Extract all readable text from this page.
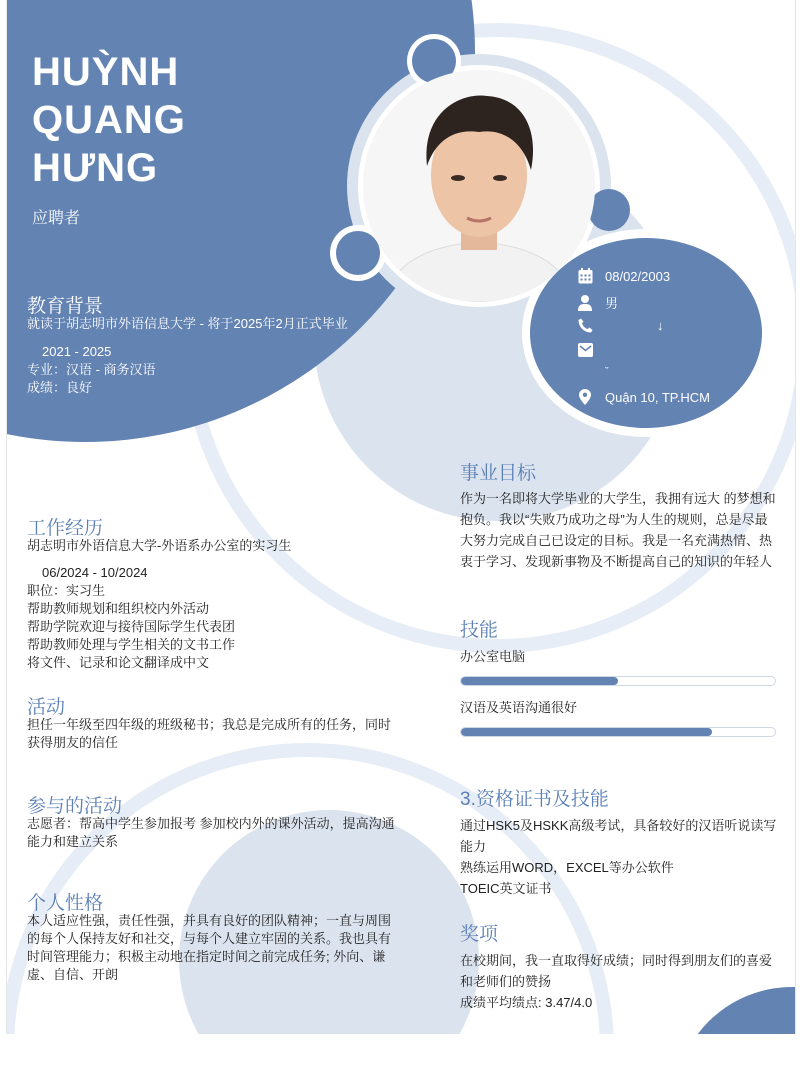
HUỲNH
QUANG
HƯNG
应聘者
教育背景
就读于胡志明市外语信息大学 - 将于2025年2月正式毕业
2021 - 2025
专业：汉语 - 商务汉语
成绩：良好
08/02/2003
男
↓
ˇ
Quận 10, TP.HCM
事业目标
作为一名即将大学毕业的大学生，我拥有远大 的梦想和抱负。我以“失败乃成功之母”为人生的规则，总是尽最大努力完成自己已设定的目标。我是一名充满热情、热衷于学习、发现新事物及不断提高自己的知识的年轻人
技能
办公室电脑
汉语及英语沟通很好
3.资格证书及技能
通过HSK5及HSKK高级考试，具备较好的汉语听说读写能力
熟练运用WORD，EXCEL等办公软件
TOEIC英文证书
奖项
在校期间，我一直取得好成绩；同时得到朋友们的喜爱和老师们的赞扬
成绩平均绩点: 3.47/4.0
工作经历
胡志明市外语信息大学-外语系办公室的实习生
06/2024 - 10/2024
职位：实习生
帮助教师规划和组织校内外活动
帮助学院欢迎与接待国际学生代表团
帮助教师处理与学生相关的文书工作
将文件、记录和论文翻译成中文
活动
担任一年级至四年级的班级秘书；我总是完成所有的任务，同时获得朋友的信任
参与的活动
志愿者：帮高中学生参加报考 参加校内外的课外活动，提高沟通能力和建立关系
个人性格
本人适应性强，责任性强，并具有良好的团队精神；一直与周围的每个人保持友好和社交，与每个人建立牢固的关系。我也具有时间管理能力；积极主动地在指定时间之前完成任务; 外向、谦虚、自信、开朗
